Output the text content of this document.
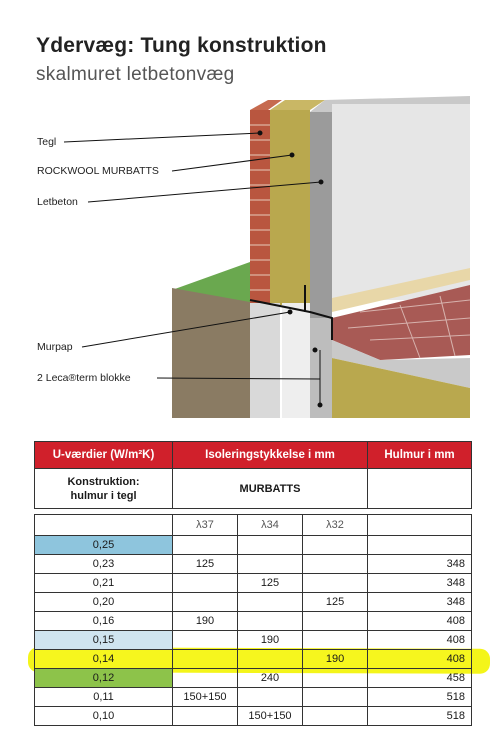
Ydervæg: Tung konstruktion
skalmuret letbetonvæg
Tegl
ROCKWOOL MURBATTS
Letbeton
Murpap
2 Leca®term blokke
U-værdier (W/m²K)	Isoleringstykkelse i mm			Hulmur i mm
Konstruktion:
hulmur i tegl	MURBATTS			

	λ37	λ34	λ32	
0,25				
0,23	125			348
0,21		125		348
0,20			125	348
0,16	190			408
0,15		190		408
0,14			190	408
0,12		240		458
0,11	150+150			518
0,10		150+150		518
